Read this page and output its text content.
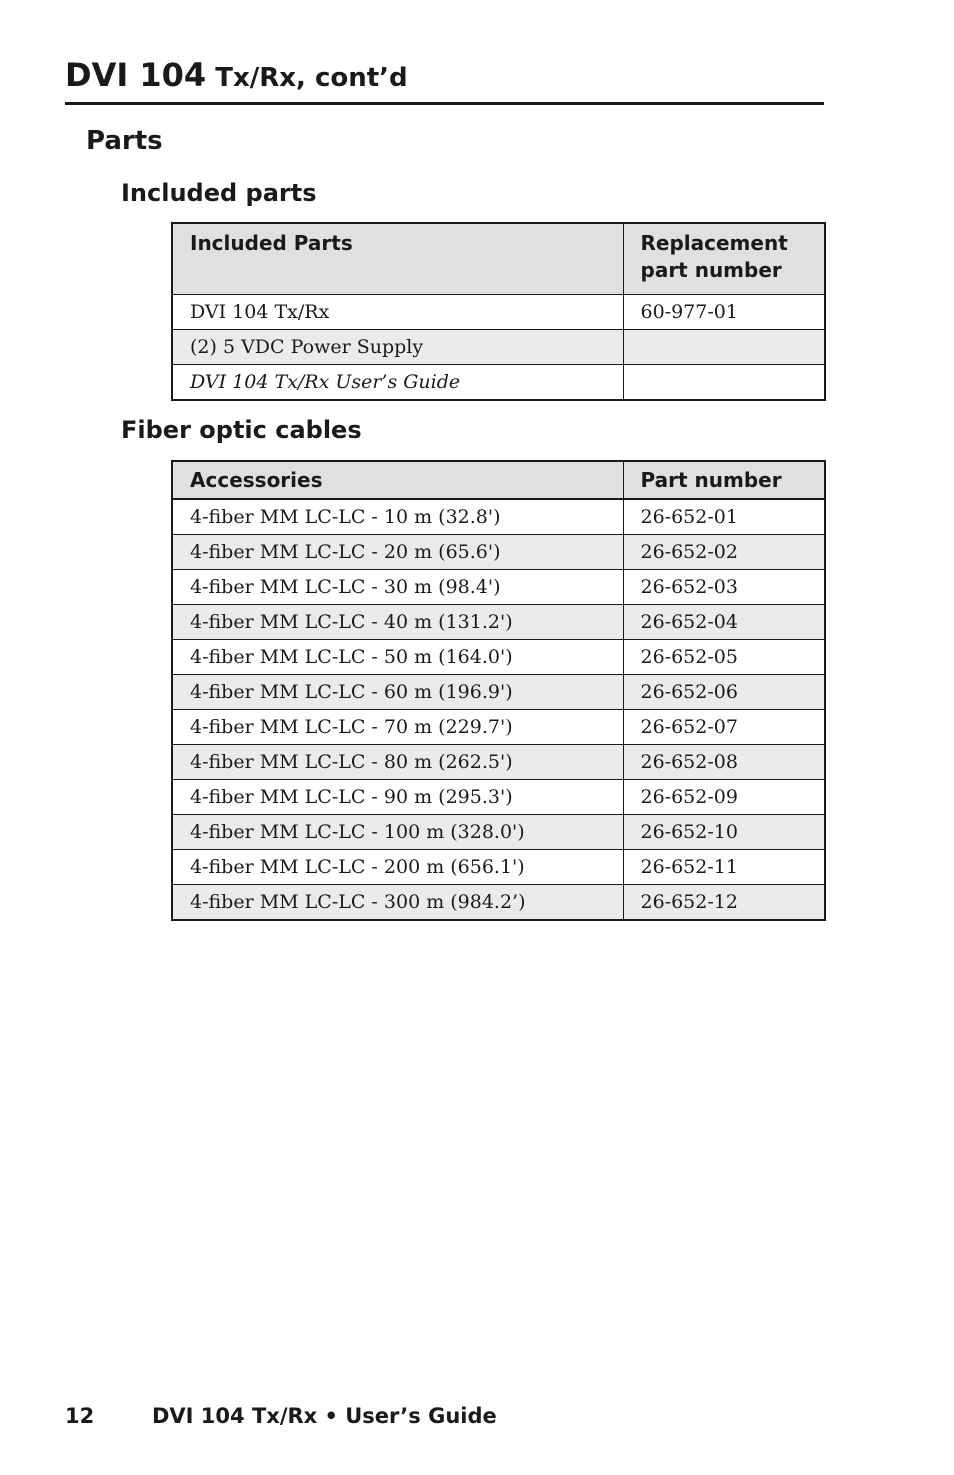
DVI 104 Tx/Rx, cont’d
Parts
Included parts
Included Parts	Replacement
part number
DVI 104 Tx/Rx	60-977-01
(2) 5 VDC Power Supply	
DVI 104 Tx/Rx User’s Guide	
Fiber optic cables
Accessories	Part number
4-fiber MM LC-LC - 10 m (32.8')	26-652-01
4-fiber MM LC-LC - 20 m (65.6')	26-652-02
4-fiber MM LC-LC - 30 m (98.4')	26-652-03
4-fiber MM LC-LC - 40 m (131.2')	26-652-04
4-fiber MM LC-LC - 50 m (164.0')	26-652-05
4-fiber MM LC-LC - 60 m (196.9')	26-652-06
4-fiber MM LC-LC - 70 m (229.7')	26-652-07
4-fiber MM LC-LC - 80 m (262.5')	26-652-08
4-fiber MM LC-LC - 90 m (295.3')	26-652-09
4-fiber MM LC-LC - 100 m (328.0')	26-652-10
4-fiber MM LC-LC - 200 m (656.1')	26-652-11
4-fiber MM LC-LC - 300 m (984.2’)	26-652-12
12	DVI 104 Tx/Rx • User’s Guide
